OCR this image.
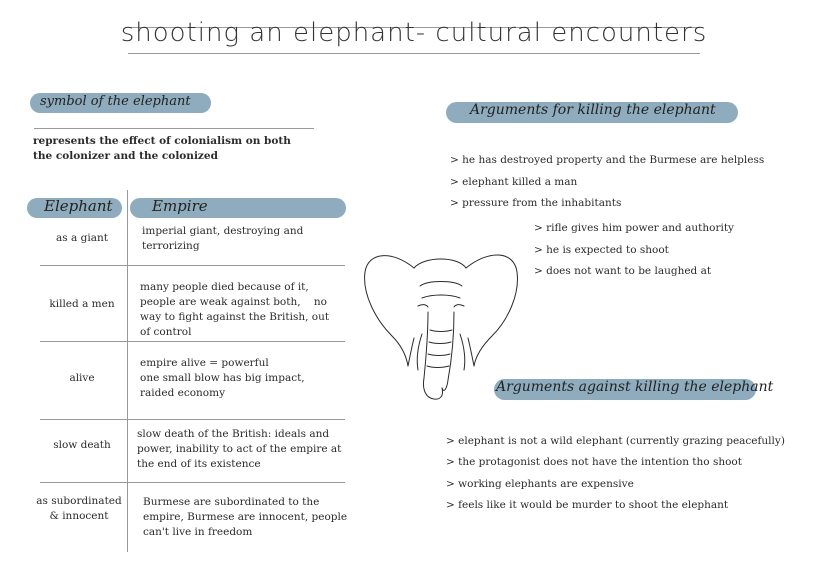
shooting an elephant- cultural encounters
symbol of the elephant
represents the effect of colonialism on both the colonizer and the colonized
Elephant	Empire
as a giant
imperial giant, destroying and terrorizing
killed a men
many people died because of it, people are weak against both,    no way to fight against the British, out of control
alive
empire alive = powerful
one small blow has big impact,
raided economy
slow death
slow death of the British: ideals and power, inability to act of the empire at the end of its existence
as subordinated & innocent
Burmese are subordinated to the empire, Burmese are innocent, people can't live in freedom
Arguments for killing the elephant
> he has destroyed property and the Burmese are helpless
> elephant killed a man
> pressure from the inhabitants
> rifle gives him power and authority
> he is expected to shoot
> does not want to be laughed at
Arguments against killing the elephant
> elephant is not a wild elephant (currently grazing peacefully)
> the protagonist does not have the intention tho shoot
> working elephants are expensive
> feels like it would be murder to shoot the elephant
